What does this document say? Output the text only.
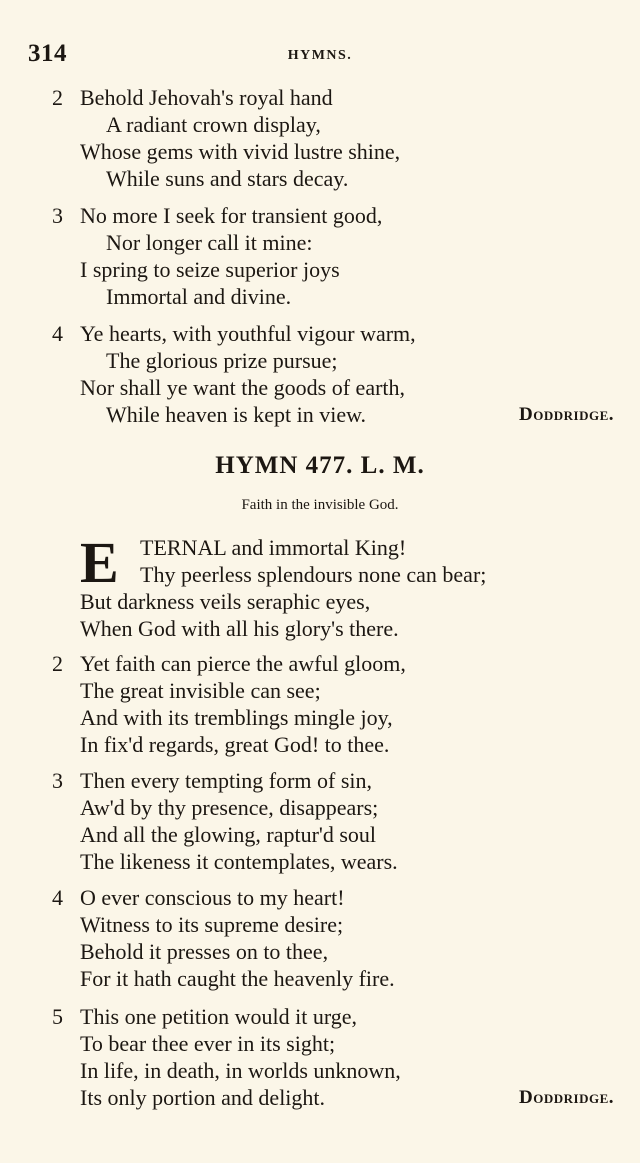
314	HYMNS.
2 Behold Jehovah's royal hand
A radiant crown display,
Whose gems with vivid lustre shine,
While suns and stars decay.
3 No more I seek for transient good,
Nor longer call it mine:
I spring to seize superior joys
Immortal and divine.
4 Ye hearts, with youthful vigour warm,
The glorious prize pursue;
Nor shall ye want the goods of earth,
While heaven is kept in view.	Doddridge.
HYMN 477. L. M.
Faith in the invisible God.
E TERNAL and immortal King!
Thy peerless splendours none can bear;
But darkness veils seraphic eyes,
When God with all his glory's there.
2 Yet faith can pierce the awful gloom,
The great invisible can see;
And with its tremblings mingle joy,
In fix'd regards, great God! to thee.
3 Then every tempting form of sin,
Aw'd by thy presence, disappears;
And all the glowing, raptur'd soul
The likeness it contemplates, wears.
4 O ever conscious to my heart!
Witness to its supreme desire;
Behold it presses on to thee,
For it hath caught the heavenly fire.
5 This one petition would it urge,
To bear thee ever in its sight;
In life, in death, in worlds unknown,
Its only portion and delight.	Doddridge.
